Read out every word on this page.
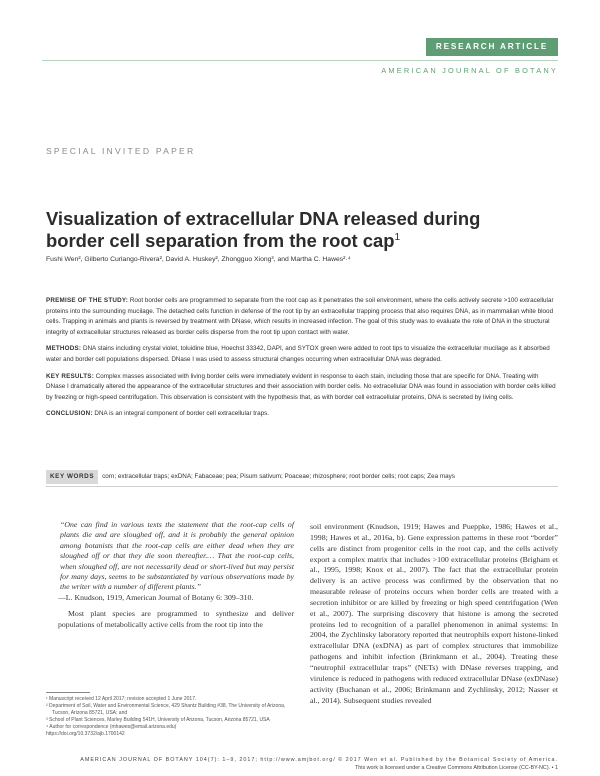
RESEARCH ARTICLE
AMERICAN JOURNAL OF BOTANY
SPECIAL INVITED PAPER
Visualization of extracellular DNA released during
border cell separation from the root cap$^1$
Fushi Wen², Gilberto Curlango-Rivera², David A. Huskey², Zhongguo Xiong³, and Martha C. Hawes²·⁴

PREMISE OF THE STUDY: Root border cells are programmed to separate from the root cap as it penetrates the soil environment, where the cells actively secrete >100 extracellular proteins into the surrounding mucilage. The detached cells function in defense of the root tip by an extracellular trapping process that also requires DNA, as in mammalian white blood cells. Trapping in animals and plants is reversed by treatment with DNase, which results in increased infection. The goal of this study was to evaluate the role of DNA in the structural integrity of extracellular structures released as border cells disperse from the root tip upon contact with water.

METHODS: DNA stains including crystal violet, toluidine blue, Hoechst 33342, DAPI, and SYTOX green were added to root tips to visualize the extracellular mucilage as it absorbed water and border cell populations dispersed. DNase I was used to assess structural changes occurring when extracellular DNA was degraded.

KEY RESULTS: Complex masses associated with living border cells were immediately evident in response to each stain, including those that are specific for DNA. Treating with DNase I dramatically altered the appearance of the extracellular structures and their association with border cells. No extracellular DNA was found in association with border cells killed by freezing or high-speed centrifugation. This observation is consistent with the hypothesis that, as with border cell extracellular proteins, DNA is secreted by living cells.

CONCLUSION: DNA is an integral component of border cell extracellular traps.

KEY WORDS corn; extracellular traps; exDNA; Fabaceae; pea; Pisum sativum; Poaceae; rhizosphere; root border cells; root caps; Zea mays

“One can find in various texts the statement that the root-cap cells of plants die and are sloughed off, and it is probably the general opinion among botanists that the root-cap cells are either dead when they are sloughed off or that they die soon thereafter.… That the root-cap cells, when sloughed off, are not necessarily dead or short-lived but may persist for many days, seems to be substantiated by various observations made by the writer with a number of different plants.”

—L. Knudson, 1919, American Journal of Botany 6: 309–310.

Most plant species are programmed to synthesize and deliver populations of metabolically active cells from the root tip into the

¹ Manuscript received 12 April 2017; revision accepted 1 June 2017.

² Department of Soil, Water and Environmental Science, 429 Shantz Building #38, The University of Arizona, Tucson, Arizona 85721, USA; and

³ School of Plant Sciences, Marley Building 541H, University of Arizona, Tucson, Arizona 85721, USA

⁴ Author for correspondence (mhawes@email.arizona.edu)

https://doi.org/10.3732/ajb.1700142

soil environment (Knudson, 1919; Hawes and Pueppke, 1986; Hawes et al., 1998; Hawes et al., 2016a, b). Gene expression patterns in these root “border” cells are distinct from progenitor cells in the root cap, and the cells actively export a complex matrix that includes >100 extracellular proteins (Brigham et al., 1995, 1998; Knox et al., 2007). The fact that the extracellular protein delivery is an active process was confirmed by the observation that no measurable release of proteins occurs when border cells are treated with a secretion inhibitor or are killed by freezing or high speed centrifugation (Wen et al., 2007). The surprising discovery that histone is among the secreted proteins led to recognition of a parallel phenomenon in animal systems: In 2004, the Zychlinsky laboratory reported that neutrophils export histone-linked extracellular DNA (exDNA) as part of complex structures that immobilize pathogens and inhibit infection (Brinkmann et al., 2004). Treating these “neutrophil extracellular traps” (NETs) with DNase reverses trapping, and virulence is reduced in pathogens with reduced extracellular DNase (exDNase) activity (Buchanan et al., 2006; Brinkmann and Zychlinsky, 2012; Nasser et al., 2014). Subsequent studies revealed

AMERICAN JOURNAL OF BOTANY 104(7): 1–9, 2017; http://www.amjbot.org/ © 2017 Wen et al. Published by the Botanical Society of America.
This work is licensed under a Creative Commons Attribution License (CC-BY-NC). • 1
